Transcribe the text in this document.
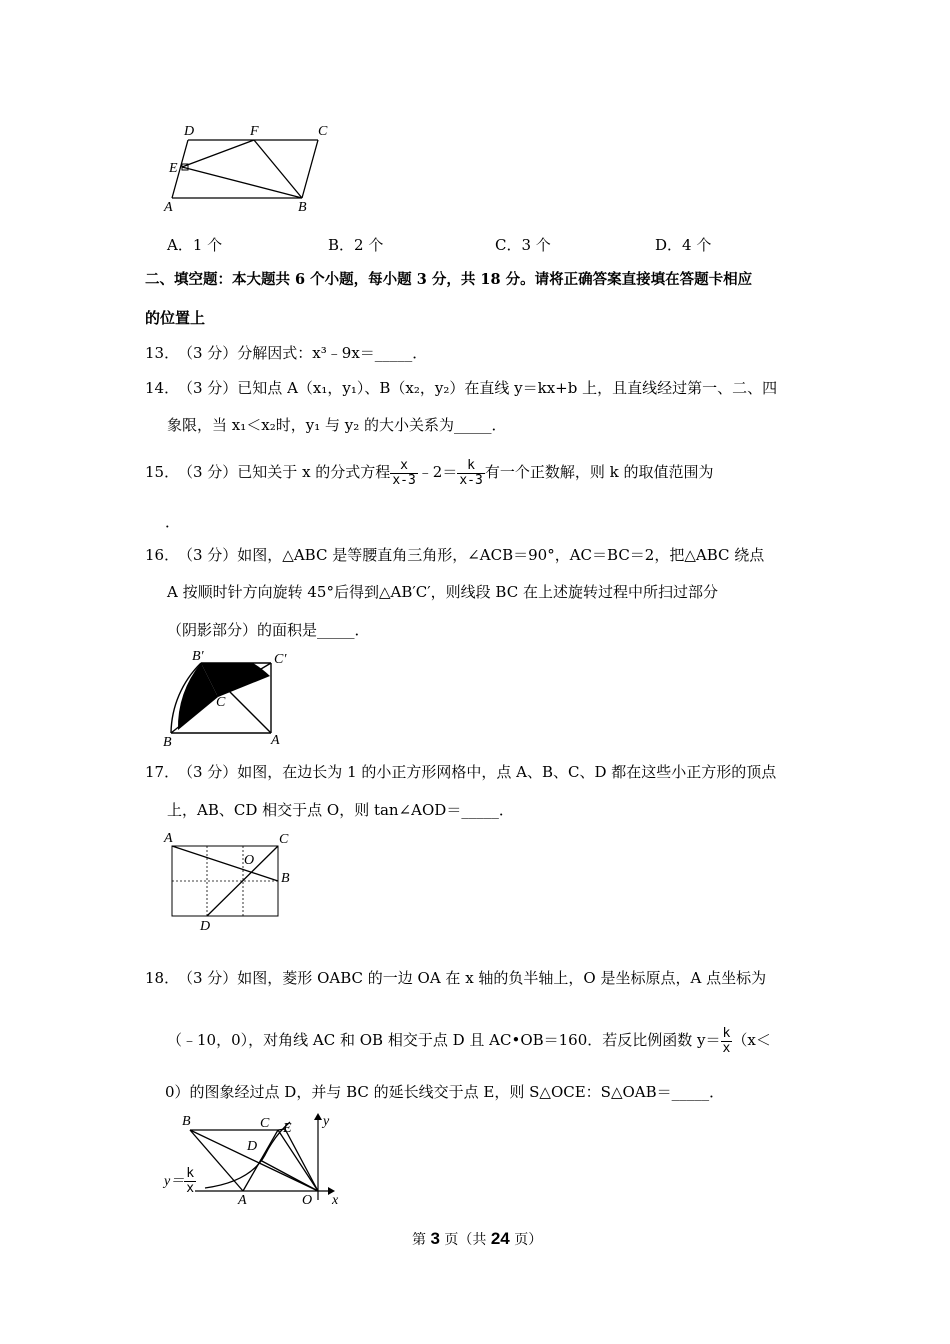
D	F	C
E
A	B
A．1 个	B．2 个	C．3 个	D．4 个
二、填空题：本大题共 6 个小题，每小题 3 分，共 18 分。请将正确答案直接填在答题卡相应
的位置上
13．
（3 分）分解因式：x³﹣9x＝_____．
14．
（3 分）已知点 A（x₁，y₁）、B（x₂，y₂）在直线 y＝kx+b 上，且直线经过第一、二、四
象限，当 x₁＜x₂时，y₁ 与 y₂ 的大小关系为_____．
15．
（3 分）已知关于 x 的分式方程 $\frac{x}{x-3}$ ﹣2＝ $\frac{k}{x-3}$ 有一个正数解，则 k 的取值范围为
．
16．
（3 分）如图，△ABC 是等腰直角三角形，∠ACB＝90°，AC＝BC＝2，把△ABC 绕点
A 按顺时针方向旋转 45°后得到△AB′C′，则线段 BC 在上述旋转过程中所扫过部分
（阴影部分）的面积是_____．
B′	C′
C
B	A
17．
（3 分）如图，在边长为 1 的小正方形网格中，点 A、B、C、D 都在这些小正方形的顶点
上，AB、CD 相交于点 O，则 tan∠AOD＝_____．
A	C
O
B
D
18．
（3 分）如图，菱形 OABC 的一边 OA 在 x 轴的负半轴上，O 是坐标原点，A 点坐标为
（﹣10，0），对角线 AC 和 OB 相交于点 D 且 AC•OB＝160．若反比例函数 $y= \frac{k}{x} (x<$
0）的图象经过点 D，并与 BC 的延长线交于点 E，则 S△OCE：S△OAB＝_____．
B	C E
D
y
A	O x
$y= \frac{k}{x}$
第 3 页（共 24 页）
